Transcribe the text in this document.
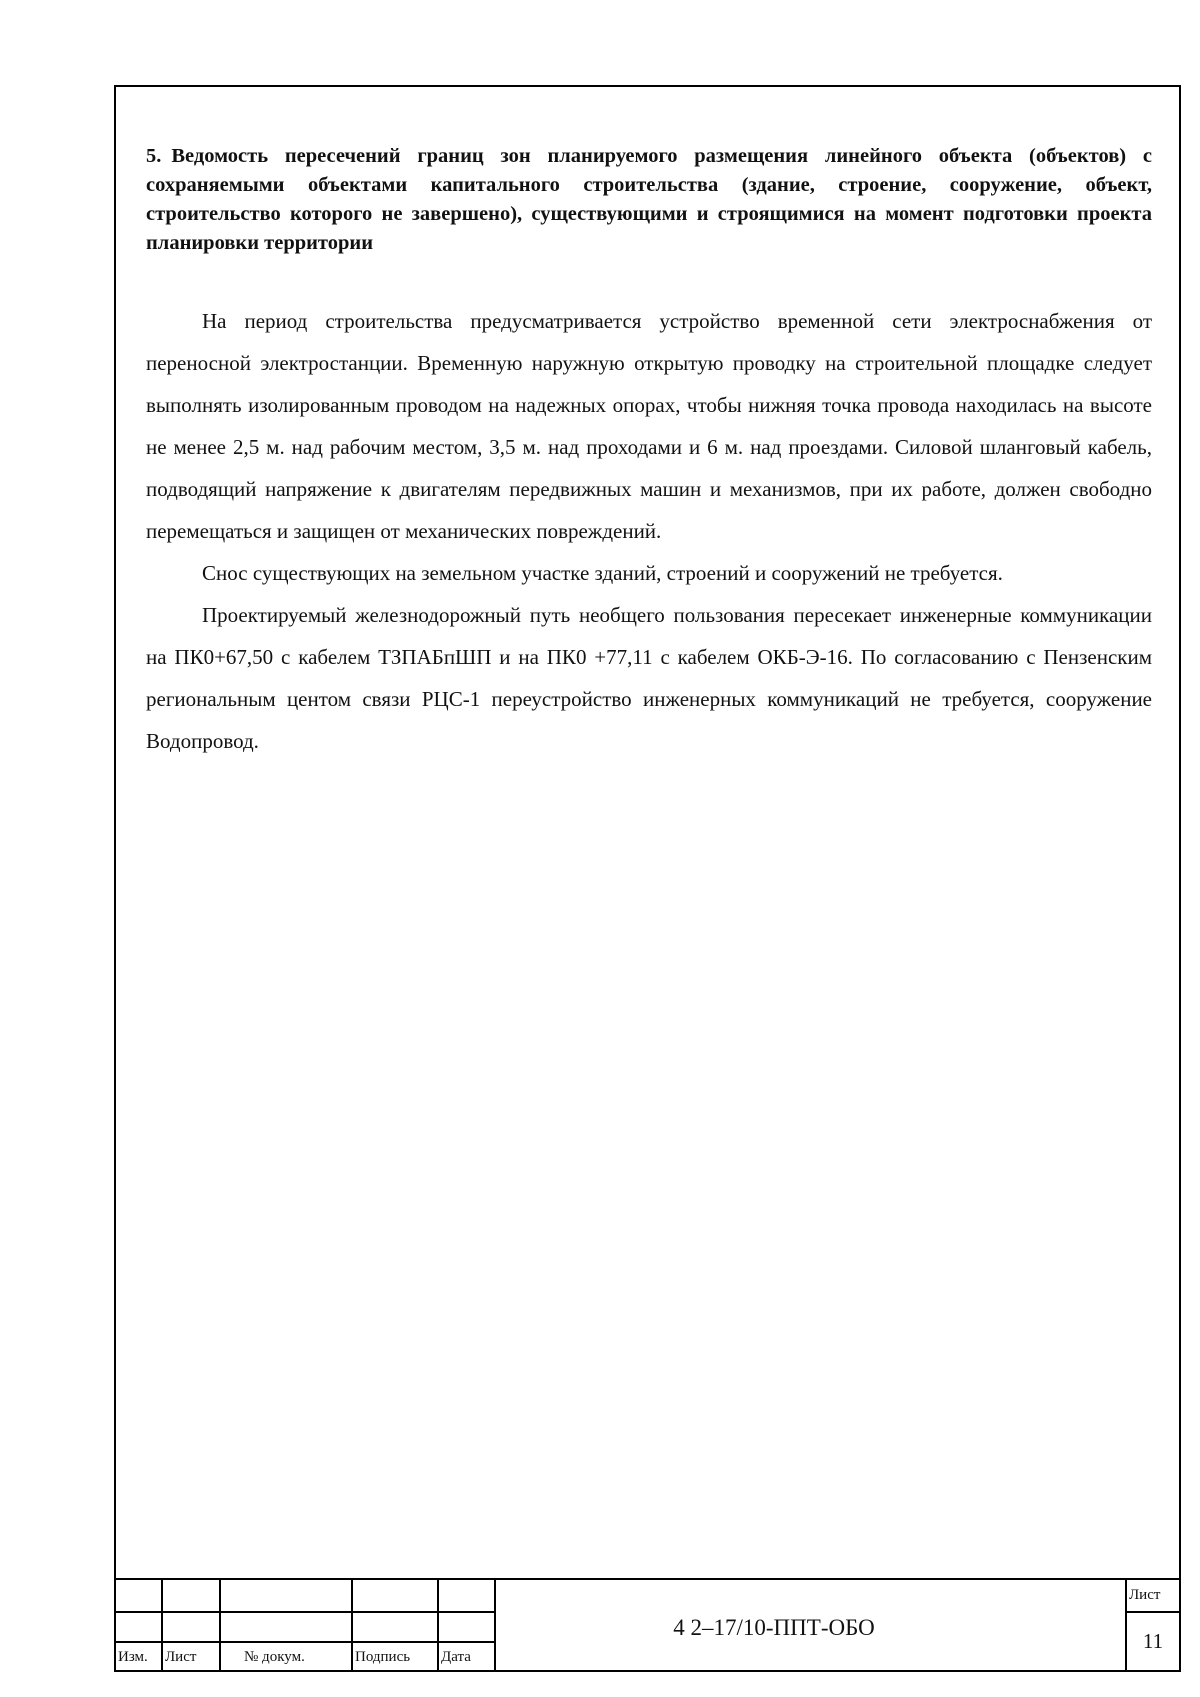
5. Ведомость пересечений границ зон планируемого размещения линейного объекта (объектов) с сохраняемыми объектами капитального строительства (здание, строение, сооружение, объект, строительство которого не завершено), существующими и строящимися на момент подготовки проекта планировки территории

На период строительства предусматривается устройство временной сети электроснабжения от переносной электростанции. Временную наружную открытую проводку на строительной площадке следует выполнять изолированным проводом на надежных опорах, чтобы нижняя точка провода находилась на высоте не менее 2,5 м. над рабочим местом, 3,5 м. над проходами и 6 м. над проездами. Силовой шланговый кабель, подводящий напряжение к двигателям передвижных машин и механизмов, при их работе, должен свободно перемещаться и защищен от механических повреждений.

Снос существующих на земельном участке зданий, строений и сооружений не требуется.

Проектируемый железнодорожный путь необщего пользования пересекает инженерные коммуникации на ПК0+67,50 с кабелем ТЗПАБпШП и на ПК0 +77,11 с кабелем ОКБ-Э-16. По согласованию с Пензенским региональным центом связи РЦС-1 переустройство инженерных коммуникаций не требуется, сооружение Водопровод.

Изм. Лист	№ докум.	Подпись Дата
4 2–17/10-ППТ-ОБО
Лист
11
